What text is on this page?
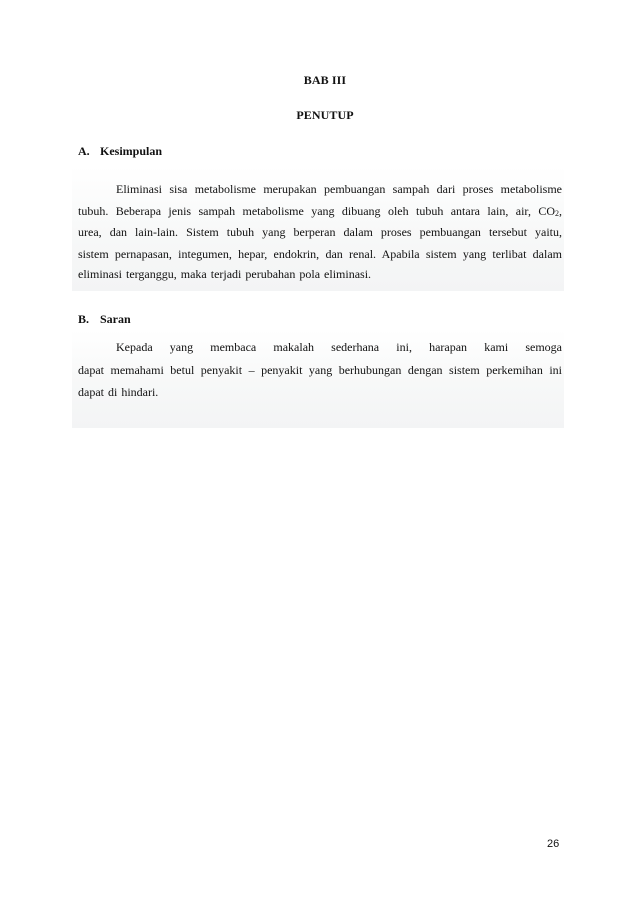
BAB III
PENUTUP
A. Kesimpulan
Eliminasi sisa metabolisme merupakan pembuangan sampah dari proses metabolisme
tubuh. Beberapa jenis sampah metabolisme yang dibuang oleh tubuh antara lain, air, $CO_2$,
urea, dan lain-lain. Sistem tubuh yang berperan dalam proses pembuangan tersebut yaitu,
sistem pernapasan, integumen, hepar, endokrin, dan renal. Apabila sistem yang terlibat dalam
eliminasi terganggu, maka terjadi perubahan pola eliminasi.
B. Saran
Kepada yang membaca makalah sederhana ini, harapan kami semoga
dapat memahami betul penyakit – penyakit yang berhubungan dengan sistem perkemihan ini
dapat di hindari.
26
